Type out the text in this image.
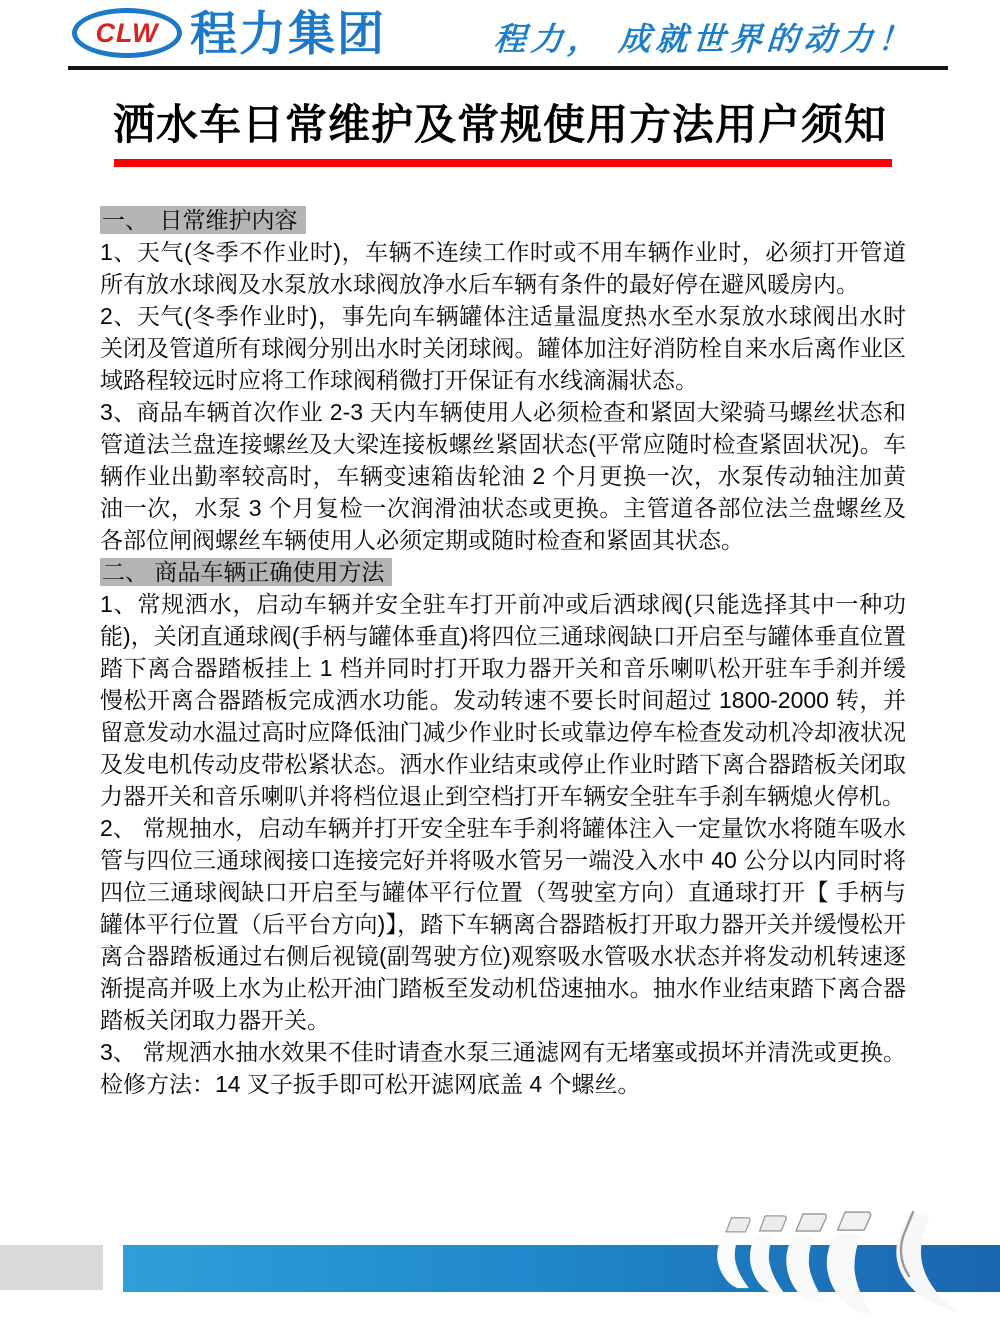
CLW 程力集团	程力， 成就世界的动力！
洒水车日常维护及常规使用方法用户须知
一、　日常维护内容

1、天气(冬季不作业时)，车辆不连续工作时或不用车辆作业时，必须打开管道所有放水球阀及水泵放水球阀放净水后车辆有条件的最好停在避风暖房内。

2、天气(冬季作业时)，事先向车辆罐体注适量温度热水至水泵放水球阀出水时关闭及管道所有球阀分别出水时关闭球阀。罐体加注好消防栓自来水后离作业区域路程较远时应将工作球阀稍微打开保证有水线滴漏状态。

3、商品车辆首次作业 2-3 天内车辆使用人必须检查和紧固大梁骑马螺丝状态和管道法兰盘连接螺丝及大梁连接板螺丝紧固状态(平常应随时检查紧固状况)。车辆作业出勤率较高时，车辆变速箱齿轮油 2 个月更换一次，水泵传动轴注加黄油一次，水泵 3 个月复检一次润滑油状态或更换。主管道各部位法兰盘螺丝及各部位闸阀螺丝车辆使用人必须定期或随时检查和紧固其状态。

二、 商品车辆正确使用方法

1、常规洒水，启动车辆并安全驻车打开前冲或后洒球阀(只能选择其中一种功能)，关闭直通球阀(手柄与罐体垂直)将四位三通球阀缺口开启至与罐体垂直位置踏下离合器踏板挂上 1 档并同时打开取力器开关和音乐喇叭松开驻车手刹并缓慢松开离合器踏板完成洒水功能。发动转速不要长时间超过 1800-2000 转，并留意发动水温过高时应降低油门减少作业时长或靠边停车检查发动机冷却液状况及发电机传动皮带松紧状态。洒水作业结束或停止作业时踏下离合器踏板关闭取力器开关和音乐喇叭并将档位退止到空档打开车辆安全驻车手刹车辆熄火停机。

2、 常规抽水，启动车辆并打开安全驻车手刹将罐体注入一定量饮水将随车吸水管与四位三通球阀接口连接完好并将吸水管另一端没入水中 40 公分以内同时将四位三通球阀缺口开启至与罐体平行位置（驾驶室方向）直通球打开【 手柄与罐体平行位置（后平台方向)】，踏下车辆离合器踏板打开取力器开关并缓慢松开离合器踏板通过右侧后视镜(副驾驶方位)观察吸水管吸水状态并将发动机转速逐渐提高并吸上水为止松开油门踏板至发动机岱速抽水。抽水作业结束踏下离合器踏板关闭取力器开关。

3、 常规洒水抽水效果不佳时请查水泵三通滤网有无堵塞或损坏并清洗或更换。检修方法：14 叉子扳手即可松开滤网底盖 4 个螺丝。
